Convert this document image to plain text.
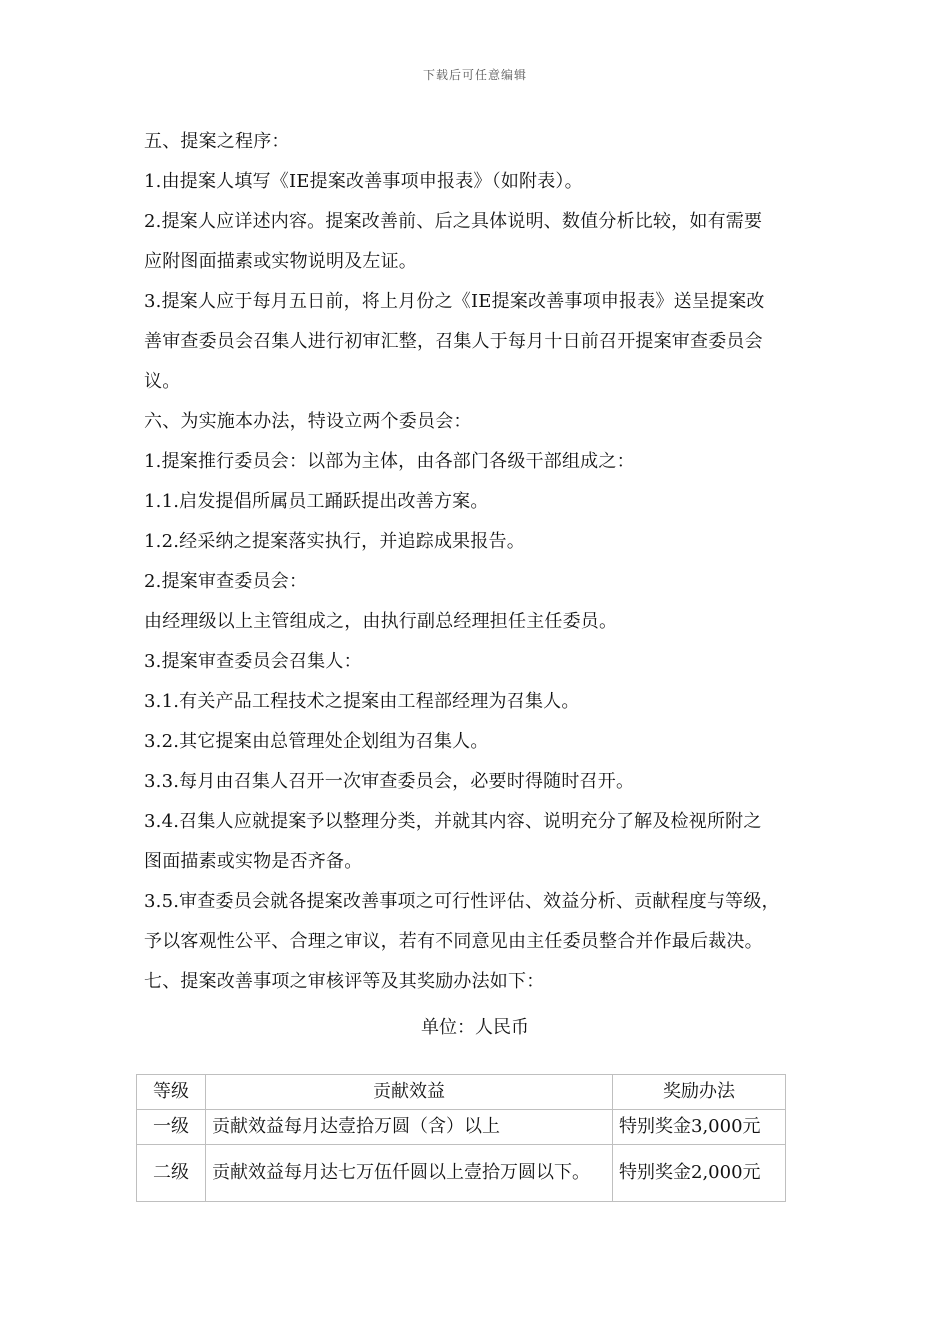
下载后可任意编辑

五、提案之程序：

1.由提案人填写《IE提案改善事项申报表》（如附表）。

2.提案人应详述内容。提案改善前、后之具体说明、数值分析比较，如有需要

应附图面描素或实物说明及左证。

3.提案人应于每月五日前，将上月份之《IE提案改善事项申报表》送呈提案改

善审查委员会召集人进行初审汇整，召集人于每月十日前召开提案审查委员会

议。

六、为实施本办法，特设立两个委员会：

1.提案推行委员会：以部为主体，由各部门各级干部组成之：

1.1.启发提倡所属员工踊跃提出改善方案。

1.2.经采纳之提案落实执行，并追踪成果报告。

2.提案审查委员会：

由经理级以上主管组成之，由执行副总经理担任主任委员。

3.提案审查委员会召集人：

3.1.有关产品工程技术之提案由工程部经理为召集人。

3.2.其它提案由总管理处企划组为召集人。

3.3.每月由召集人召开一次审查委员会，必要时得随时召开。

3.4.召集人应就提案予以整理分类，并就其内容、说明充分了解及检视所附之

图面描素或实物是否齐备。

3.5.审查委员会就各提案改善事项之可行性评估、效益分析、贡献程度与等级，

予以客观性公平、合理之审议，若有不同意见由主任委员整合并作最后裁决。

七、提案改善事项之审核评等及其奖励办法如下：

单位：人民币
等级	贡献效益	奖励办法
一级	贡献效益每月达壹拾万圆（含）以上	特别奖金3,000元
二级	贡献效益每月达七万伍仟圆以上壹拾万圆以下。	特别奖金2,000元
